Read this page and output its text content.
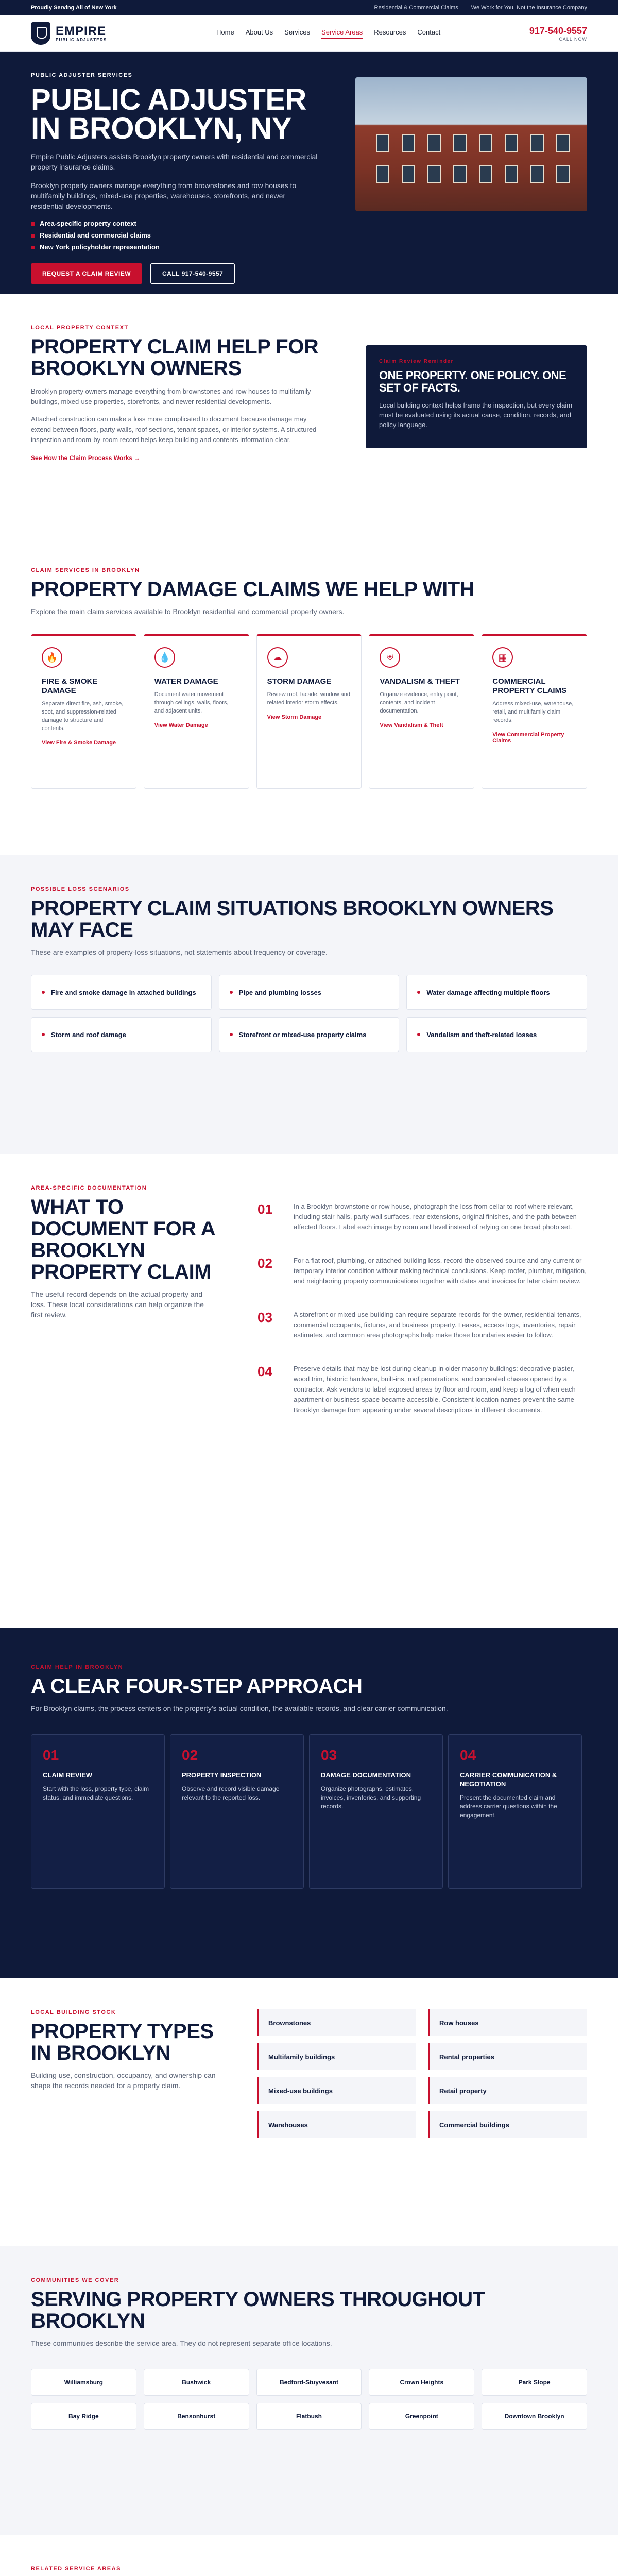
Proudly Serving All of New York	Residential & Commercial Claims We Work for You, Not the Insurance Company
EMPIRE
PUBLIC ADJUSTERS
Home About Us Services Service Areas Resources Contact	917-540-9557
CALL NOW
PUBLIC ADJUSTER SERVICES
PUBLIC ADJUSTER IN BROOKLYN, NY

Empire Public Adjusters assists Brooklyn property owners with residential and commercial property insurance claims.

Brooklyn property owners manage everything from brownstones and row houses to multifamily buildings, mixed-use properties, warehouses, storefronts, and newer residential developments.

Area-specific property context
Residential and commercial claims
New York policyholder representation
REQUEST A CLAIM REVIEW	CALL 917-540-9557
LOCAL PROPERTY CONTEXT
PROPERTY CLAIM HELP FOR BROOKLYN OWNERS

Brooklyn property owners manage everything from brownstones and row houses to multifamily buildings, mixed-use properties, storefronts, and newer residential developments.

Attached construction can make a loss more complicated to document because damage may extend between floors, party walls, roof sections, tenant spaces, or interior systems. A structured inspection and room-by-room record helps keep building and contents information clear.

See How the Claim Process Works →
Claim Review Reminder
ONE PROPERTY. ONE POLICY. ONE SET OF FACTS.

Local building context helps frame the inspection, but every claim must be evaluated using its actual cause, condition, records, and policy language.

CLAIM SERVICES IN BROOKLYN
PROPERTY DAMAGE CLAIMS WE HELP WITH
Explore the main claim services available to Brooklyn residential and commercial property owners.
🔥
FIRE & SMOKE DAMAGE

Separate direct fire, ash, smoke, soot, and suppression-related damage to structure and contents.

View Fire & Smoke Damage
💧
WATER DAMAGE

Document water movement through ceilings, walls, floors, and adjacent units.

View Water Damage
☁
STORM DAMAGE

Review roof, facade, window and related interior storm effects.

View Storm Damage
⛨
VANDALISM & THEFT

Organize evidence, entry point, contents, and incident documentation.

View Vandalism & Theft
▦
COMMERCIAL PROPERTY CLAIMS

Address mixed-use, warehouse, retail, and multifamily claim records.

View Commercial Property Claims
POSSIBLE LOSS SCENARIOS
PROPERTY CLAIM SITUATIONS BROOKLYN OWNERS MAY FACE
These are examples of property-loss situations, not statements about frequency or coverage.
Fire and smoke damage in attached buildings	Pipe and plumbing losses	Water damage affecting multiple floors
Storm and roof damage	Storefront or mixed-use property claims	Vandalism and theft-related losses
AREA-SPECIFIC DOCUMENTATION
WHAT TO DOCUMENT FOR A BROOKLYN PROPERTY CLAIM
The useful record depends on the actual property and loss. These local considerations can help organize the first review.
01	In a Brooklyn brownstone or row house, photograph the loss from cellar to roof where relevant, including stair halls, party wall surfaces, rear extensions, original finishes, and the path between affected floors. Label each image by room and level instead of relying on one broad photo set.

02	For a flat roof, plumbing, or attached building loss, record the observed source and any current or temporary interior condition without making technical conclusions. Keep roofer, plumber, mitigation, and neighboring property communications together with dates and invoices for later claim review.

03	A storefront or mixed-use building can require separate records for the owner, residential tenants, commercial occupants, fixtures, and business property. Leases, access logs, inventories, repair estimates, and common area photographs help make those boundaries easier to follow.

04	Preserve details that may be lost during cleanup in older masonry buildings: decorative plaster, wood trim, historic hardware, built-ins, roof penetrations, and concealed chases opened by a contractor. Ask vendors to label exposed areas by floor and room, and keep a log of when each apartment or business space became accessible. Consistent location names prevent the same Brooklyn damage from appearing under several descriptions in different documents.

CLAIM HELP IN BROOKLYN
A CLEAR FOUR-STEP APPROACH
For Brooklyn claims, the process centers on the property's actual condition, the available records, and clear carrier communication.
01
CLAIM REVIEW

Start with the loss, property type, claim status, and immediate questions.

02
PROPERTY INSPECTION

Observe and record visible damage relevant to the reported loss.

03
DAMAGE DOCUMENTATION

Organize photographs, estimates, invoices, inventories, and supporting records.

04
CARRIER COMMUNICATION & NEGOTIATION

Present the documented claim and address carrier questions within the engagement.

LOCAL BUILDING STOCK
PROPERTY TYPES IN BROOKLYN
Building use, construction, occupancy, and ownership can shape the records needed for a property claim.
Brownstones	Row houses
Multifamily buildings	Rental properties
Mixed-use buildings	Retail property
Warehouses	Commercial buildings
COMMUNITIES WE COVER
SERVING PROPERTY OWNERS THROUGHOUT BROOKLYN
These communities describe the service area. They do not represent separate office locations.
Williamsburg	Bushwick	Bedford-Stuyvesant	Crown Heights	Park Slope
Bay Ridge	Bensonhurst	Flatbush	Greenpoint	Downtown Brooklyn
RELATED SERVICE AREAS
